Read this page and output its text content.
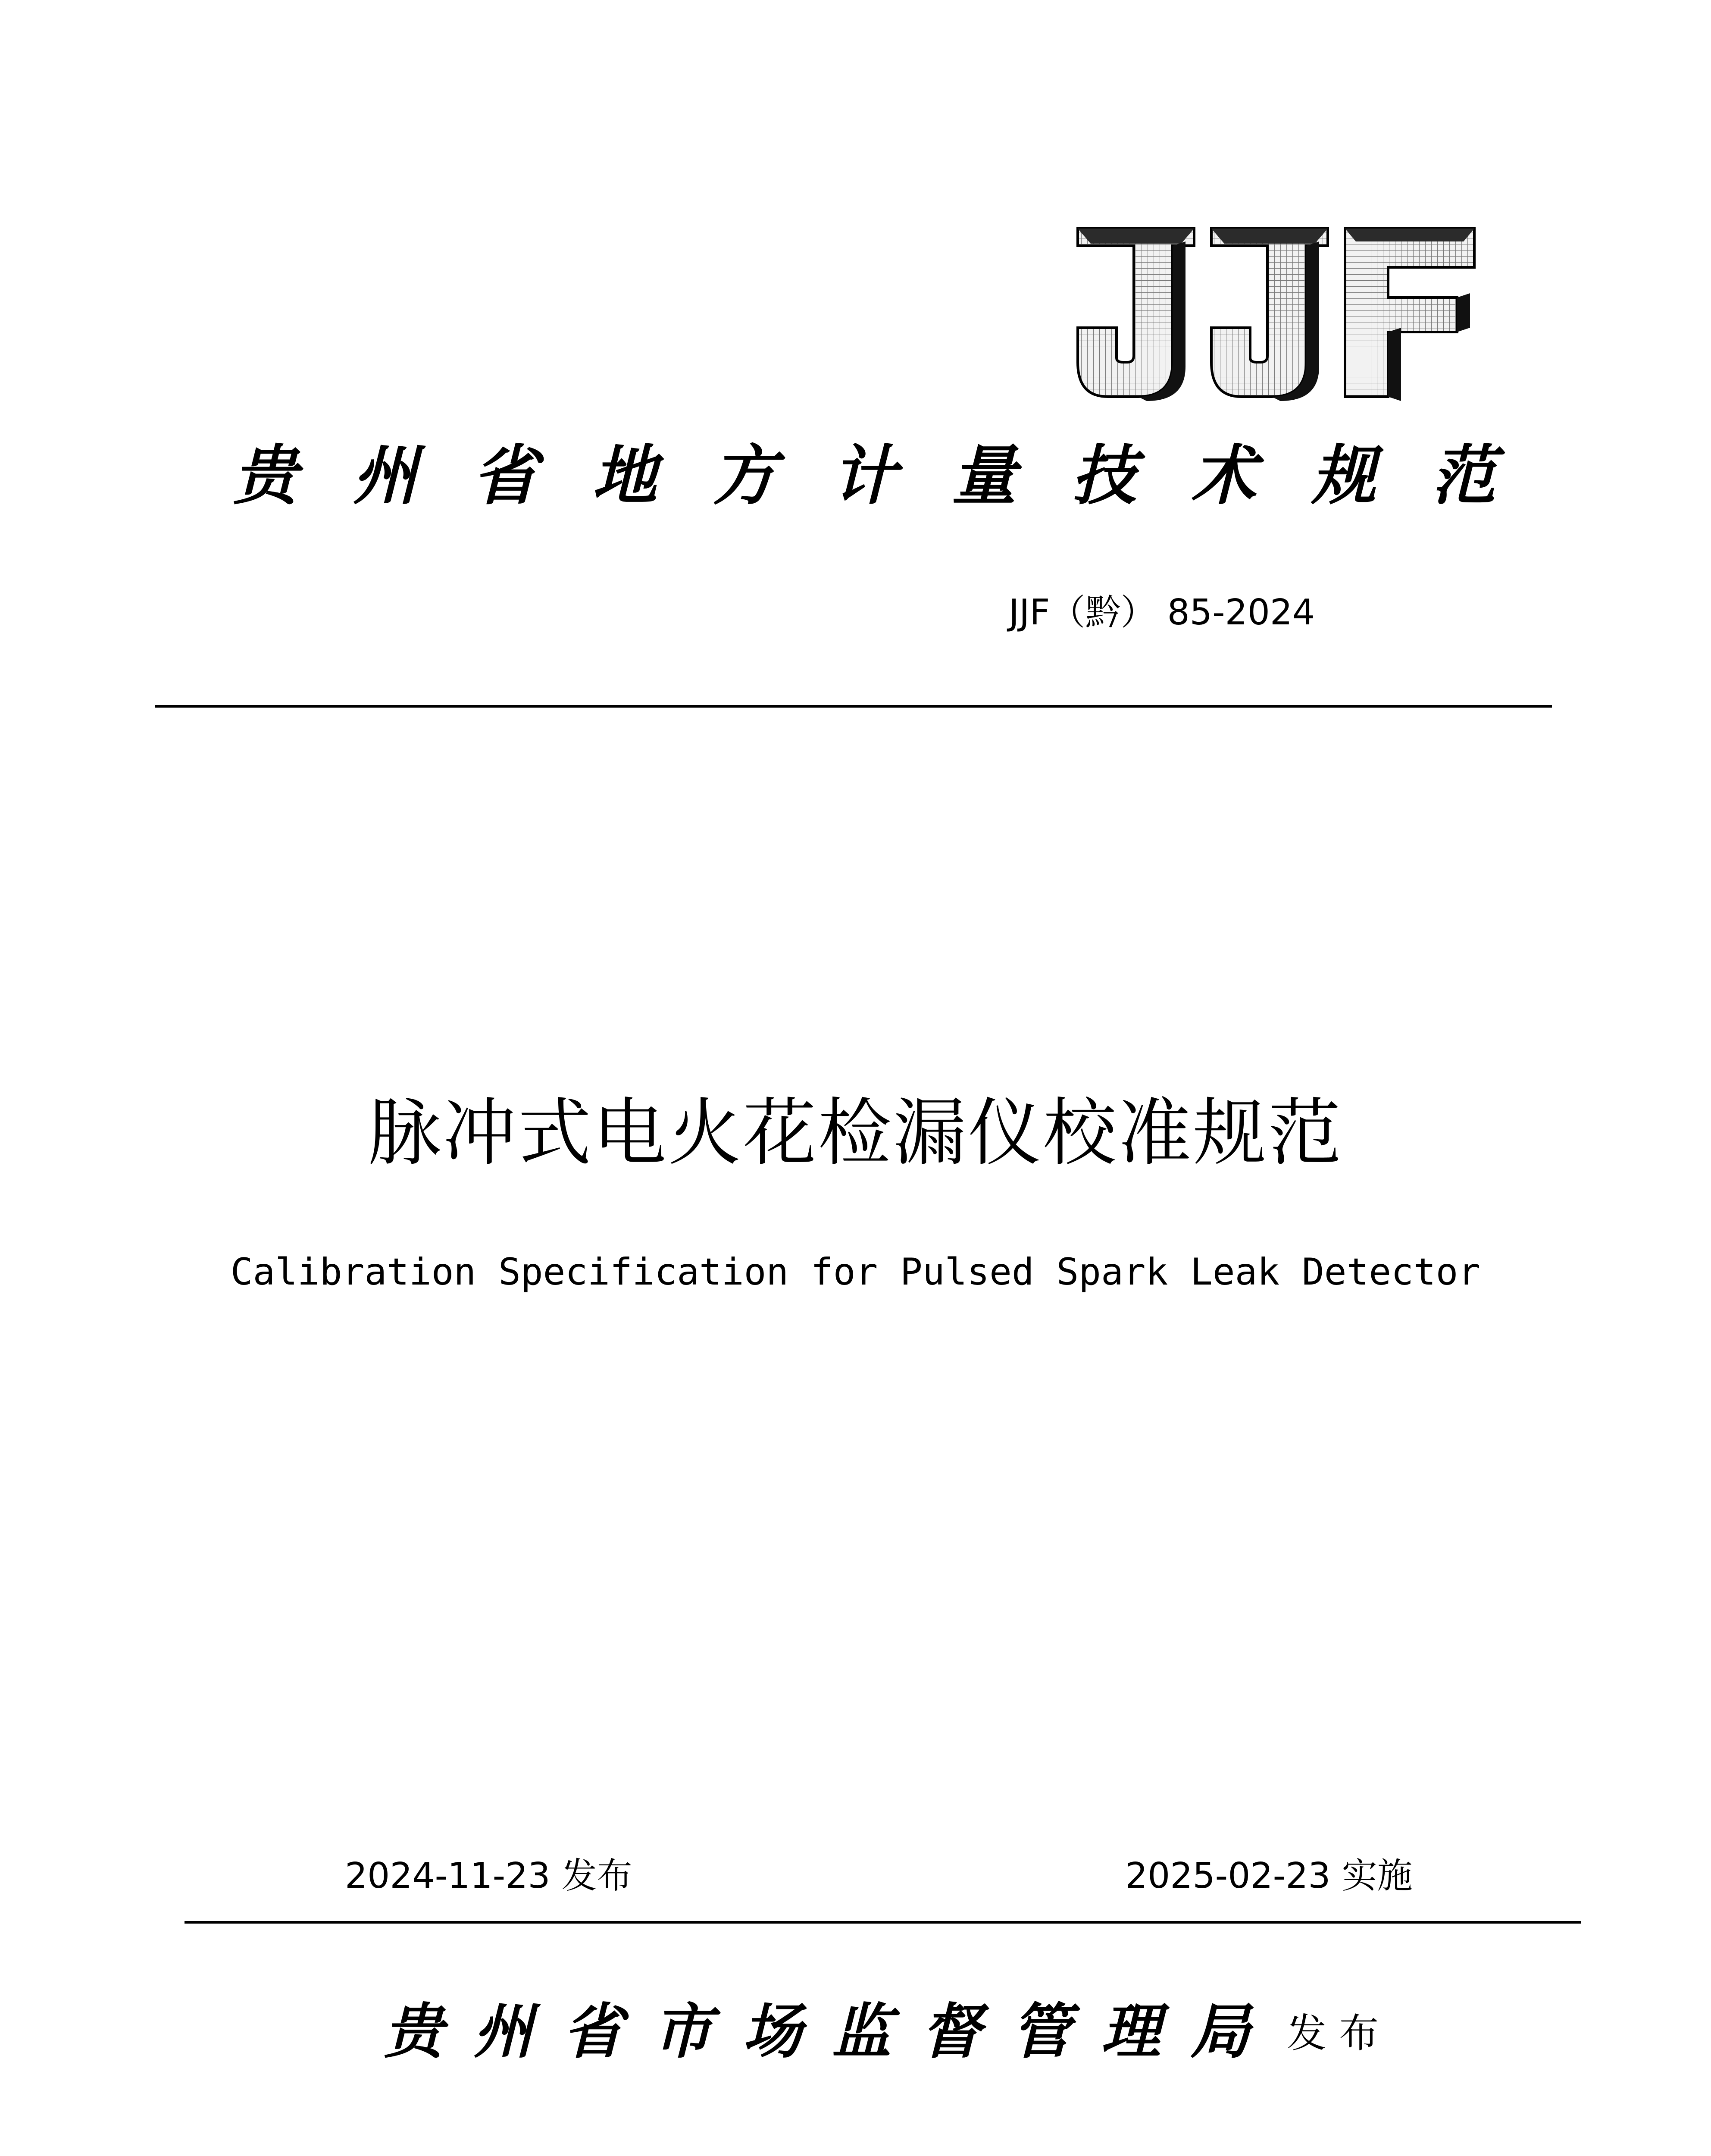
贵 州 省 地 方 计 量 技 术 规 范
JJF（黔） 85-2024
脉冲式电火花检漏仪校准规范
Calibration Specification for Pulsed Spark Leak Detector
2024-11-23 发布	2025-02-23 实施
贵 州 省 市 场 监 督 管 理 局 发 布
